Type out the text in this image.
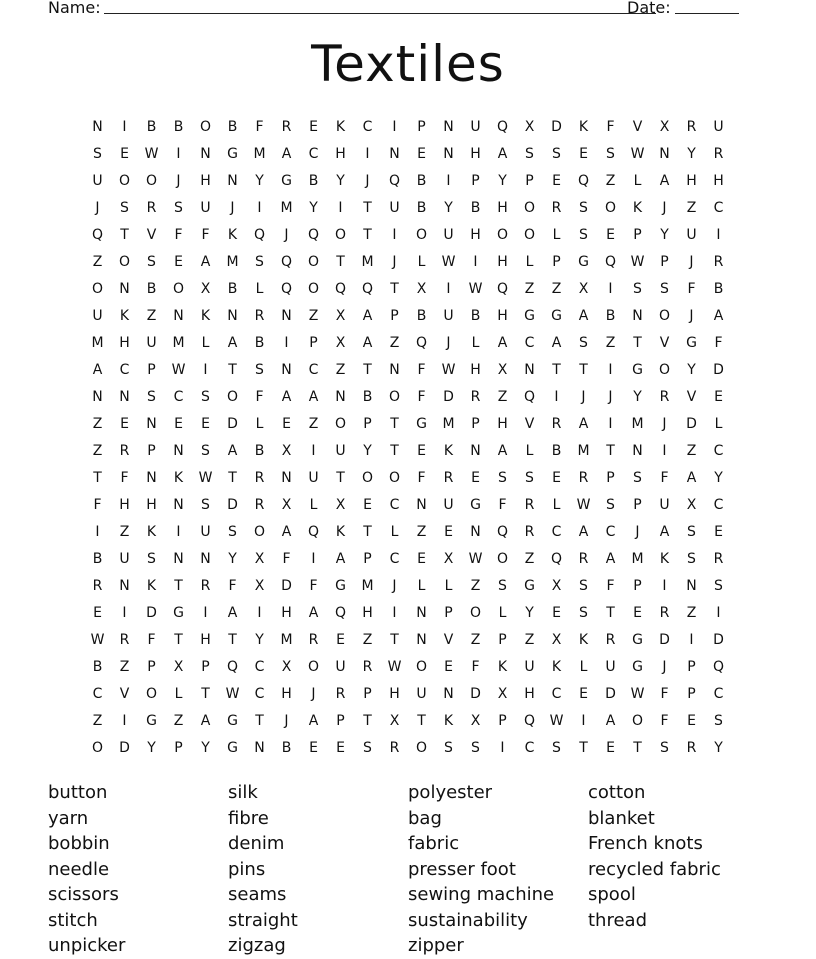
Name:	Date:
Textiles
N	I	B	B	O	B	F	R	E	K	C	I	P	N	U	Q	X	D	K	F	V	X	R	U
S	E	W	I	N	G	M	A	C	H	I	N	E	N	H	A	S	S	E	S	W	N	Y	R
U	O	O	J	H	N	Y	G	B	Y	J	Q	B	I	P	Y	P	E	Q	Z	L	A	H	H
J	S	R	S	U	J	I	M	Y	I	T	U	B	Y	B	H	O	R	S	O	K	J	Z	C
Q	T	V	F	F	K	Q	J	Q	O	T	I	O	U	H	O	O	L	S	E	P	Y	U	I
Z	O	S	E	A	M	S	Q	O	T	M	J	L	W	I	H	L	P	G	Q	W	P	J	R
O	N	B	O	X	B	L	Q	O	Q	Q	T	X	I	W	Q	Z	Z	X	I	S	S	F	B
U	K	Z	N	K	N	R	N	Z	X	A	P	B	U	B	H	G	G	A	B	N	O	J	A
M	H	U	M	L	A	B	I	P	X	A	Z	Q	J	L	A	C	A	S	Z	T	V	G	F
A	C	P	W	I	T	S	N	C	Z	T	N	F	W	H	X	N	T	T	I	G	O	Y	D
N	N	S	C	S	O	F	A	A	N	B	O	F	D	R	Z	Q	I	J	J	Y	R	V	E
Z	E	N	E	E	D	L	E	Z	O	P	T	G	M	P	H	V	R	A	I	M	J	D	L
Z	R	P	N	S	A	B	X	I	U	Y	T	E	K	N	A	L	B	M	T	N	I	Z	C
T	F	N	K	W	T	R	N	U	T	O	O	F	R	E	S	S	E	R	P	S	F	A	Y
F	H	H	N	S	D	R	X	L	X	E	C	N	U	G	F	R	L	W	S	P	U	X	C
I	Z	K	I	U	S	O	A	Q	K	T	L	Z	E	N	Q	R	C	A	C	J	A	S	E
B	U	S	N	N	Y	X	F	I	A	P	C	E	X	W	O	Z	Q	R	A	M	K	S	R
R	N	K	T	R	F	X	D	F	G	M	J	L	L	Z	S	G	X	S	F	P	I	N	S
E	I	D	G	I	A	I	H	A	Q	H	I	N	P	O	L	Y	E	S	T	E	R	Z	I
W	R	F	T	H	T	Y	M	R	E	Z	T	N	V	Z	P	Z	X	K	R	G	D	I	D
B	Z	P	X	P	Q	C	X	O	U	R	W	O	E	F	K	U	K	L	U	G	J	P	Q
C	V	O	L	T	W	C	H	J	R	P	H	U	N	D	X	H	C	E	D	W	F	P	C
Z	I	G	Z	A	G	T	J	A	P	T	X	T	K	X	P	Q	W	I	A	O	F	E	S
O	D	Y	P	Y	G	N	B	E	E	S	R	O	S	S	I	C	S	T	E	T	S	R	Y
button	silk	polyester	cotton
yarn	fibre	bag	blanket
bobbin	denim	fabric	French knots
needle	pins	presser foot	recycled fabric
scissors	seams	sewing machine	spool
stitch	straight	sustainability	thread
unpicker	zigzag	zipper
